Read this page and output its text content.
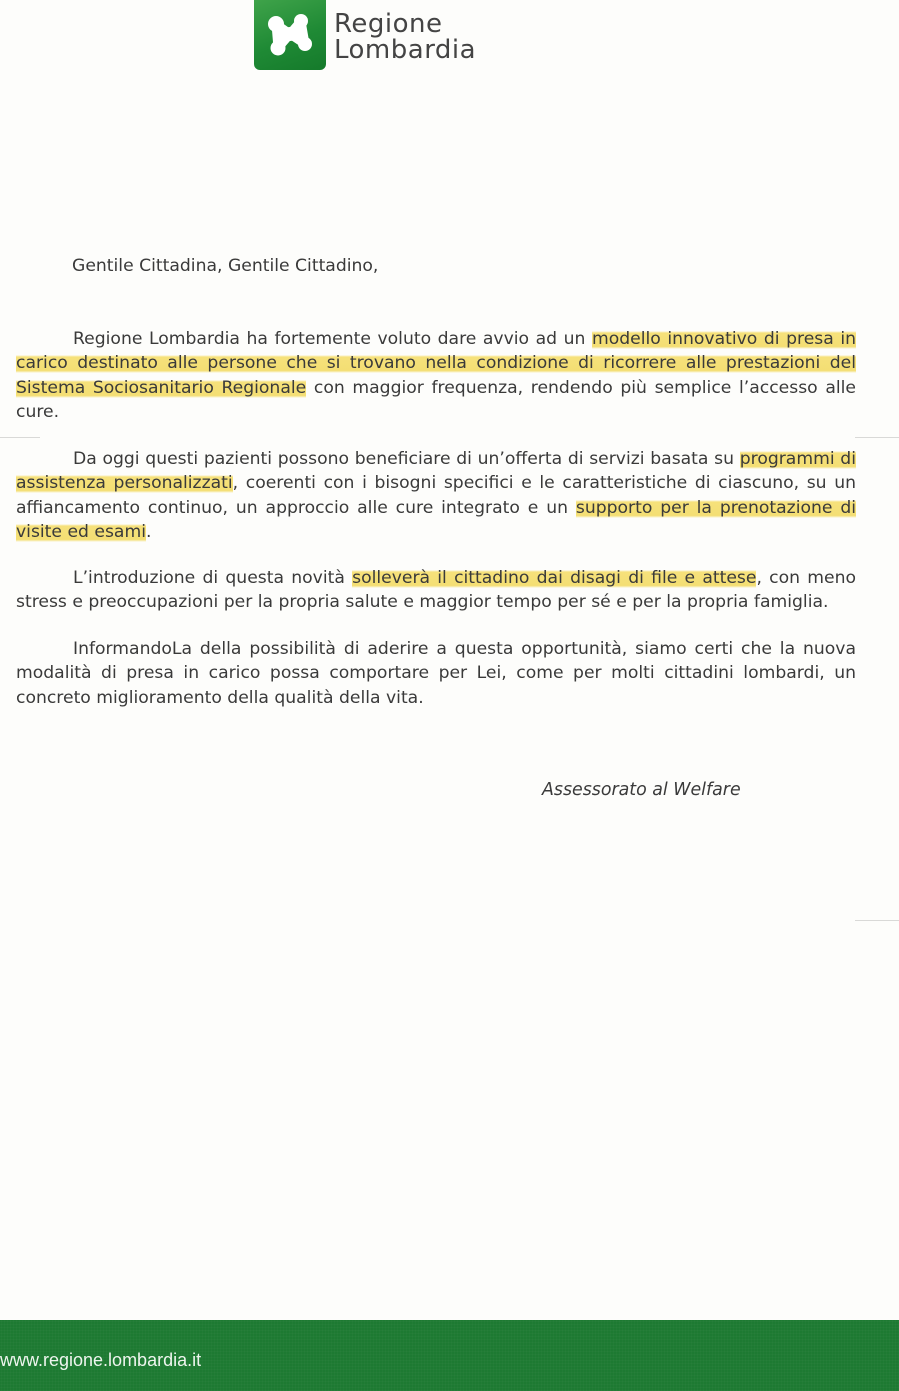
Regione
Lombardia
Gentile Cittadina, Gentile Cittadino,

Regione Lombardia ha fortemente voluto dare avvio ad un modello innovativo di presa in carico destinato alle persone che si trovano nella condizione di ricorrere alle prestazioni del Sistema Sociosanitario Regionale con maggior frequenza, rendendo più semplice l’accesso alle cure.

Da oggi questi pazienti possono beneficiare di un’offerta di servizi basata su programmi di assistenza personalizzati, coerenti con i bisogni specifici e le caratteristiche di ciascuno, su un affiancamento continuo, un approccio alle cure integrato e un supporto per la prenotazione di visite ed esami.

L’introduzione di questa novità solleverà il cittadino dai disagi di file e attese, con meno stress e preoccupazioni per la propria salute e maggior tempo per sé e per la propria famiglia.

InformandoLa della possibilità di aderire a questa opportunità, siamo certi che la nuova modalità di presa in carico possa comportare per Lei, come per molti cittadini lombardi, un concreto miglioramento della qualità della vita.

Assessorato al Welfare
www.regione.lombardia.it
